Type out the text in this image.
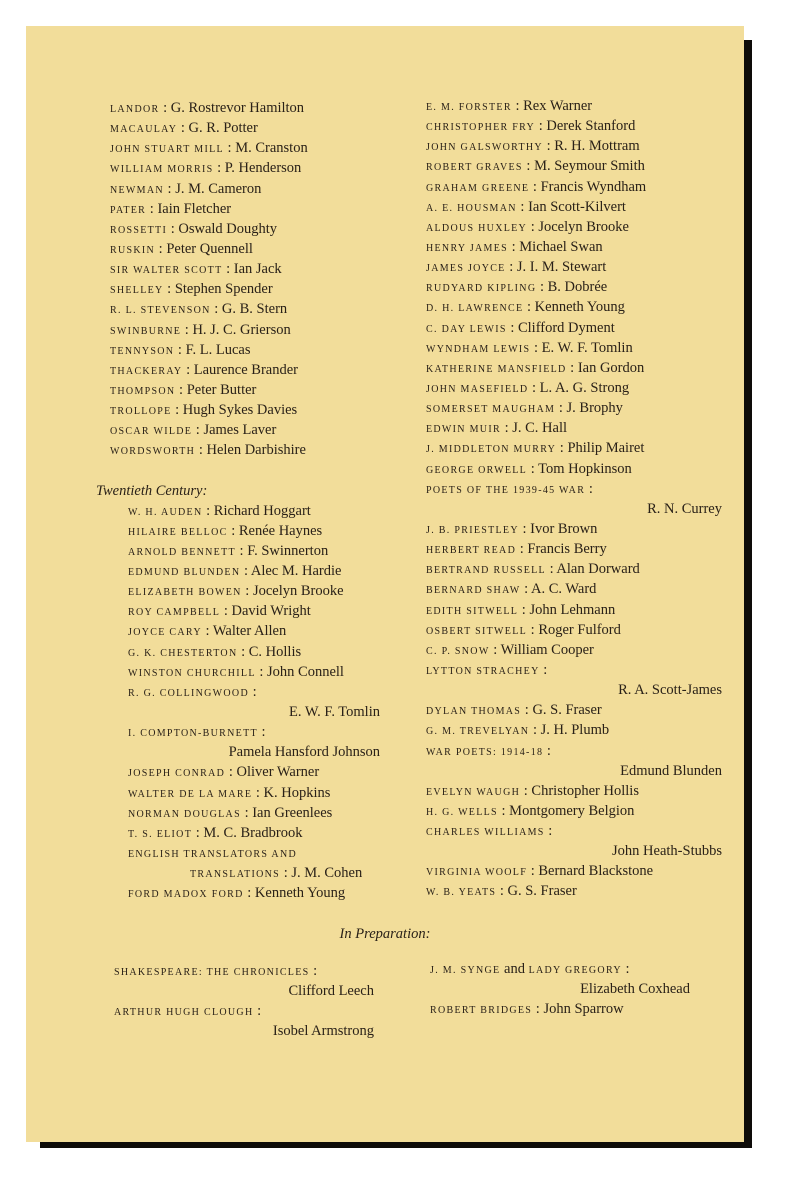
LANDOR : G. Rostrevor Hamilton
MACAULAY : G. R. Potter
JOHN STUART MILL : M. Cranston
WILLIAM MORRIS : P. Henderson
NEWMAN : J. M. Cameron
PATER : Iain Fletcher
ROSSETTI : Oswald Doughty
RUSKIN : Peter Quennell
SIR WALTER SCOTT : Ian Jack
SHELLEY : Stephen Spender
R. L. STEVENSON : G. B. Stern
SWINBURNE : H. J. C. Grierson
TENNYSON : F. L. Lucas
THACKERAY : Laurence Brander
THOMPSON : Peter Butter
TROLLOPE : Hugh Sykes Davies
OSCAR WILDE : James Laver
WORDSWORTH : Helen Darbishire
Twentieth Century:
W. H. AUDEN : Richard Hoggart
HILAIRE BELLOC : Renée Haynes
ARNOLD BENNETT : F. Swinnerton
EDMUND BLUNDEN : Alec M. Hardie
ELIZABETH BOWEN : Jocelyn Brooke
ROY CAMPBELL : David Wright
JOYCE CARY : Walter Allen
G. K. CHESTERTON : C. Hollis
WINSTON CHURCHILL : John Connell
R. G. COLLINGWOOD :
E. W. F. Tomlin
I. COMPTON-BURNETT :
Pamela Hansford Johnson
JOSEPH CONRAD : Oliver Warner
WALTER DE LA MARE : K. Hopkins
NORMAN DOUGLAS : Ian Greenlees
T. S. ELIOT : M. C. Bradbrook
ENGLISH TRANSLATORS AND
TRANSLATIONS : J. M. Cohen
FORD MADOX FORD : Kenneth Young
E. M. FORSTER : Rex Warner
CHRISTOPHER FRY : Derek Stanford
JOHN GALSWORTHY : R. H. Mottram
ROBERT GRAVES : M. Seymour Smith
GRAHAM GREENE : Francis Wyndham
A. E. HOUSMAN : Ian Scott-Kilvert
ALDOUS HUXLEY : Jocelyn Brooke
HENRY JAMES : Michael Swan
JAMES JOYCE : J. I. M. Stewart
RUDYARD KIPLING : B. Dobrée
D. H. LAWRENCE : Kenneth Young
C. DAY LEWIS : Clifford Dyment
WYNDHAM LEWIS : E. W. F. Tomlin
KATHERINE MANSFIELD : Ian Gordon
JOHN MASEFIELD : L. A. G. Strong
SOMERSET MAUGHAM : J. Brophy
EDWIN MUIR : J. C. Hall
J. MIDDLETON MURRY : Philip Mairet
GEORGE ORWELL : Tom Hopkinson
POETS OF THE 1939-45 WAR :
R. N. Currey
J. B. PRIESTLEY : Ivor Brown
HERBERT READ : Francis Berry
BERTRAND RUSSELL : Alan Dorward
BERNARD SHAW : A. C. Ward
EDITH SITWELL : John Lehmann
OSBERT SITWELL : Roger Fulford
C. P. SNOW : William Cooper
LYTTON STRACHEY :
R. A. Scott-James
DYLAN THOMAS : G. S. Fraser
G. M. TREVELYAN : J. H. Plumb
WAR POETS: 1914-18 :
Edmund Blunden
EVELYN WAUGH : Christopher Hollis
H. G. WELLS : Montgomery Belgion
CHARLES WILLIAMS :
John Heath-Stubbs
VIRGINIA WOOLF : Bernard Blackstone
W. B. YEATS : G. S. Fraser
In Preparation:
SHAKESPEARE: THE CHRONICLES :
Clifford Leech
ARTHUR HUGH CLOUGH :
Isobel Armstrong
J. M. SYNGE and LADY GREGORY :
Elizabeth Coxhead
ROBERT BRIDGES : John Sparrow
